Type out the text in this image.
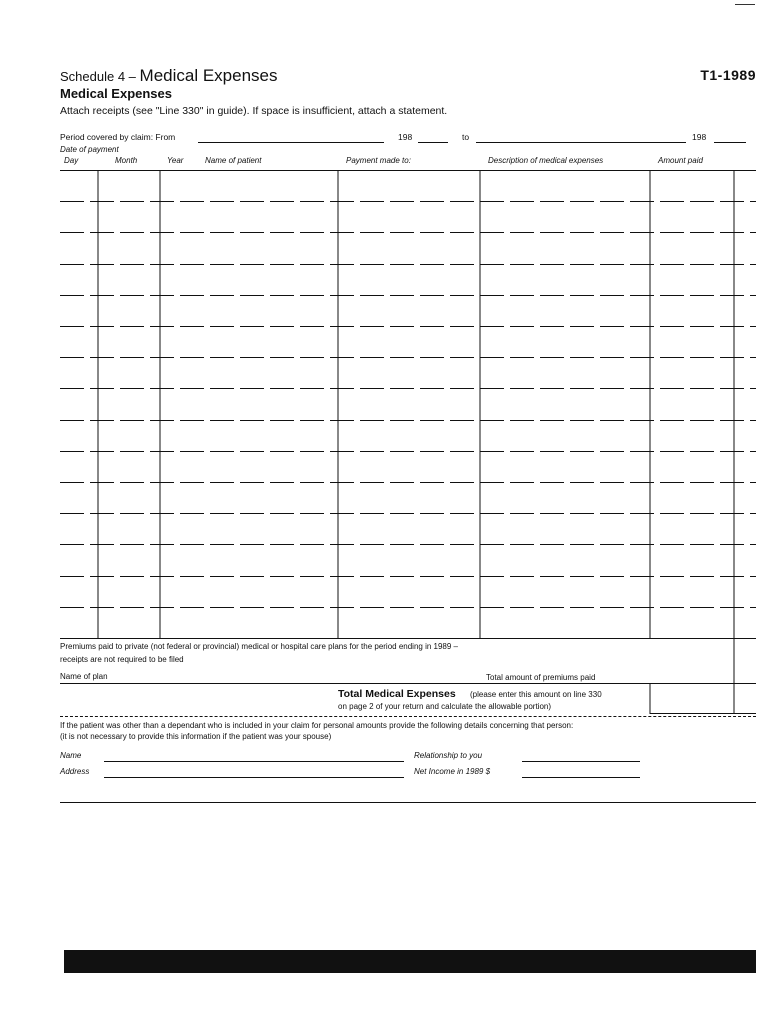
Schedule 4 – Medical Expenses	T1-1989
Medical Expenses
Attach receipts (see "Line 330" in guide). If space is insufficient, attach a statement.
Period covered by claim: From	198	to	198
Date of payment
Day	Month	Year	Name of patient	Payment made to:	Description of medical expenses	Amount paid
Premiums paid to private (not federal or provincial) medical or hospital care plans for the period ending in 1989 –
receipts are not required to be filed
Name of plan	Total amount of premiums paid
Total Medical Expenses (please enter this amount on line 330
on page 2 of your return and calculate the allowable portion)
If the patient was other than a dependant who is included in your claim for personal amounts provide the following details concerning that person:
(it is not necessary to provide this information if the patient was your spouse)
Name	Relationship to you
Address	Net Income in 1989 $
